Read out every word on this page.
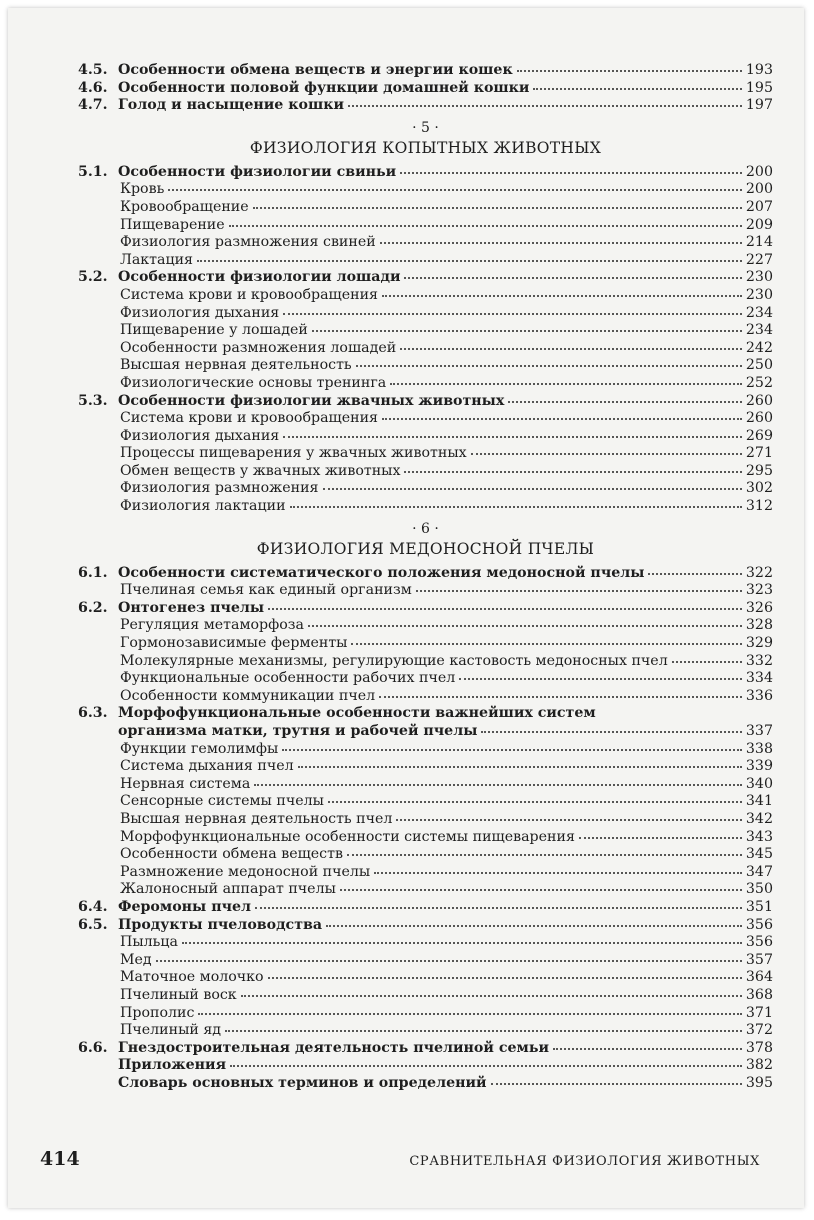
4.5. Особенности обмена веществ и энергии кошек	193
4.6. Особенности половой функции домашней кошки	195
4.7. Голод и насыщение кошки	197
· 5 ·
ФИЗИОЛОГИЯ КОПЫТНЫХ ЖИВОТНЫХ
5.1. Особенности физиологии свиньи	200
Кровь	200
Кровообращение	207
Пищеварение	209
Физиология размножения свиней	214
Лактация	227
5.2. Особенности физиологии лошади	230
Система крови и кровообращения	230
Физиология дыхания	234
Пищеварение у лошадей	234
Особенности размножения лошадей	242
Высшая нервная деятельность	250
Физиологические основы тренинга	252
5.3. Особенности физиологии жвачных животных	260
Система крови и кровообращения	260
Физиология дыхания	269
Процессы пищеварения у жвачных животных	271
Обмен веществ у жвачных животных	295
Физиология размножения	302
Физиология лактации	312
· 6 ·
ФИЗИОЛОГИЯ МЕДОНОСНОЙ ПЧЕЛЫ
6.1. Особенности систематического положения медоносной пчелы	322
Пчелиная семья как единый организм	323
6.2. Онтогенез пчелы	326
Регуляция метаморфоза	328
Гормонозависимые ферменты	329
Молекулярные механизмы, регулирующие кастовость медоносных пчел	332
Функциональные особенности рабочих пчел	334
Особенности коммуникации пчел	336
6.3. Морфофункциональные особенности важнейших систем
организма матки, трутня и рабочей пчелы	337
Функции гемолимфы	338
Система дыхания пчел	339
Нервная система	340
Сенсорные системы пчелы	341
Высшая нервная деятельность пчел	342
Морфофункциональные особенности системы пищеварения	343
Особенности обмена веществ	345
Размножение медоносной пчелы	347
Жалоносный аппарат пчелы	350
6.4. Феромоны пчел	351
6.5. Продукты пчеловодства	356
Пыльца	356
Мед	357
Маточное молочко	364
Пчелиный воск	368
Прополис	371
Пчелиный яд	372
6.6. Гнездостроительная деятельность пчелиной семьи	378
Приложения	382
Словарь основных терминов и определений	395
414	СРАВНИТЕЛЬНАЯ ФИЗИОЛОГИЯ ЖИВОТНЫХ
